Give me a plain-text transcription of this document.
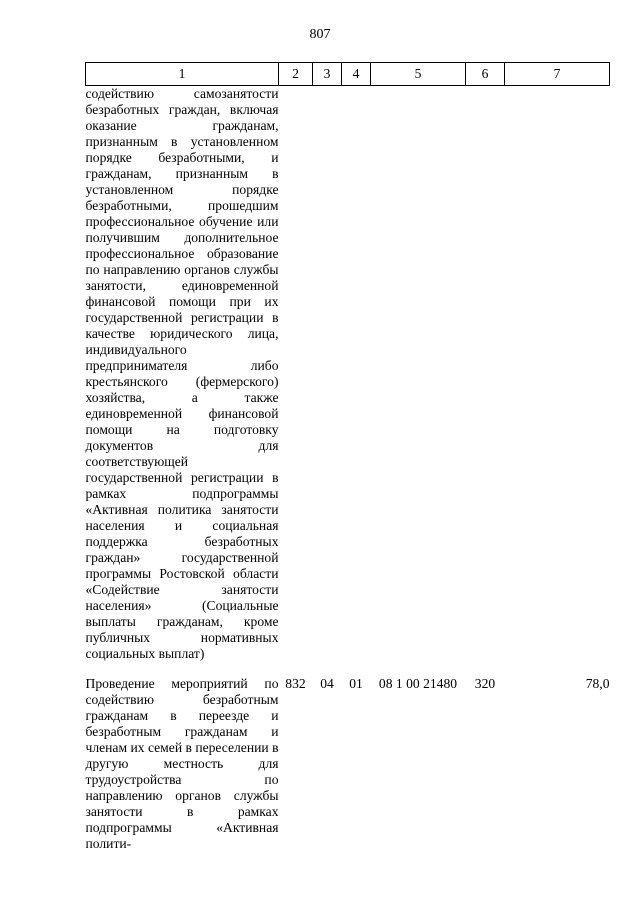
807
1	2	3	4	5	6	7
содействию самозанятости безработных граждан, включая оказание гражданам, признанным в установленном порядке безработными, и гражданам, признанным в установленном порядке безработными, прошедшим профессиональное обучение или получившим дополнительное профессиональное образование по направлению органов службы занятости, единовременной финансовой помощи при их государственной регистрации в качестве юридического лица, индивидуального предпринимателя либо крестьянского (фермерского) хозяйства, а также единовременной финансовой помощи на подготовку документов для соответствующей государственной регистрации в рамках подпрограммы «Активная политика занятости населения и социальная поддержка безработных граждан» государственной программы Ростовской области «Содействие занятости населения» (Социальные выплаты гражданам, кроме публичных нормативных социальных выплат)						

Проведение мероприятий по содействию безработным гражданам в переезде и безработным гражданам и членам их семей в переселении в другую местность для трудоустройства по направлению органов службы занятости в рамках подпрограммы «Активная полити-	832	04	01	08 1 00 21480	320	78,0
